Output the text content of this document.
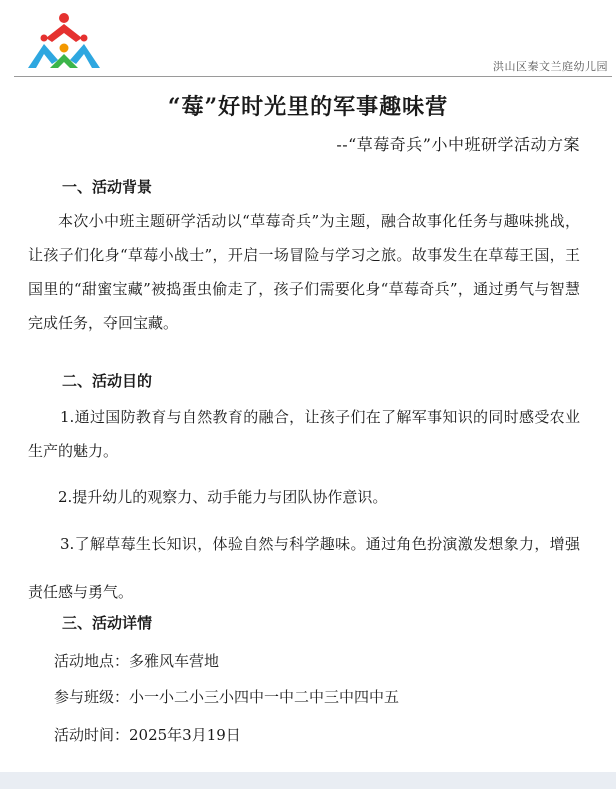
洪山区秦文兰庭幼儿园
“莓”好时光里的军事趣味营
--“草莓奇兵”小中班研学活动方案
一、活动背景
本次小中班主题研学活动以“草莓奇兵”为主题，融合故事化任务与趣味挑战，让孩子们化身“草莓小战士”，开启一场冒险与学习之旅。故事发生在草莓王国，王国里的“甜蜜宝藏”被捣蛋虫偷走了，孩子们需要化身“草莓奇兵”，通过勇气与智慧完成任务，夺回宝藏。
二、活动目的
1.通过国防教育与自然教育的融合，让孩子们在了解军事知识的同时感受农业生产的魅力。
2.提升幼儿的观察力、动手能力与团队协作意识。
3.了解草莓生长知识，体验自然与科学趣味。通过角色扮演激发想象力，增强责任感与勇气。
三、活动详情
活动地点：多雅风车营地
参与班级：小一小二小三小四中一中二中三中四中五
活动时间：2025年3月19日
